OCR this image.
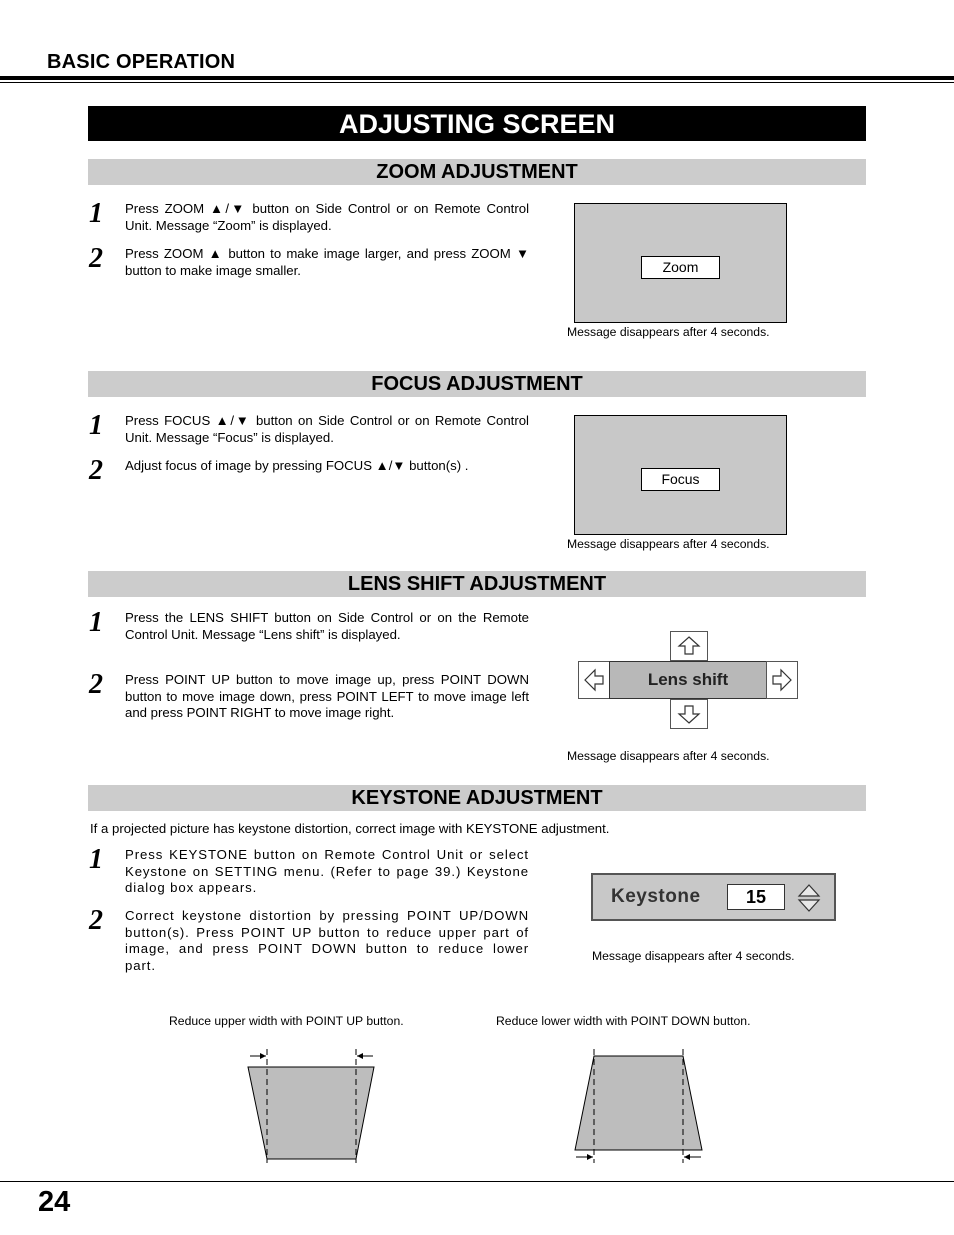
BASIC OPERATION
ADJUSTING SCREEN
ZOOM ADJUSTMENT
1 Press ZOOM ▲/▼ button on Side Control or on Remote Control Unit. Message “Zoom” is displayed.
2 Press ZOOM ▲ button to make image larger, and press ZOOM ▼ button to make image smaller.	Zoom
Message disappears after 4 seconds.
FOCUS ADJUSTMENT
1 Press FOCUS ▲/▼ button on Side Control or on Remote Control Unit. Message “Focus” is displayed.
2 Adjust focus of image by pressing FOCUS ▲/▼ button(s) .
Focus
Message disappears after 4 seconds.
LENS SHIFT ADJUSTMENT
1 Press the LENS SHIFT button on Side Control or on the Remote Control Unit. Message “Lens shift” is displayed.
2 Press POINT UP button to move image up, press POINT DOWN button to move image down, press POINT LEFT to move image left and press POINT RIGHT to move image right.
Lens shift
Message disappears after 4 seconds.
KEYSTONE ADJUSTMENT
If a projected picture has keystone distortion, correct image with KEYSTONE adjustment.
1 Press KEYSTONE button on Remote Control Unit or select Keystone on SETTING menu. (Refer to page 39.) Keystone dialog box appears.
2 Correct keystone distortion by pressing POINT UP/DOWN button(s). Press POINT UP button to reduce upper part of image, and press POINT DOWN button to reduce lower part.
Keystone	15
Message disappears after 4 seconds.
Reduce upper width with POINT UP button.	Reduce lower width with POINT DOWN button.
24
